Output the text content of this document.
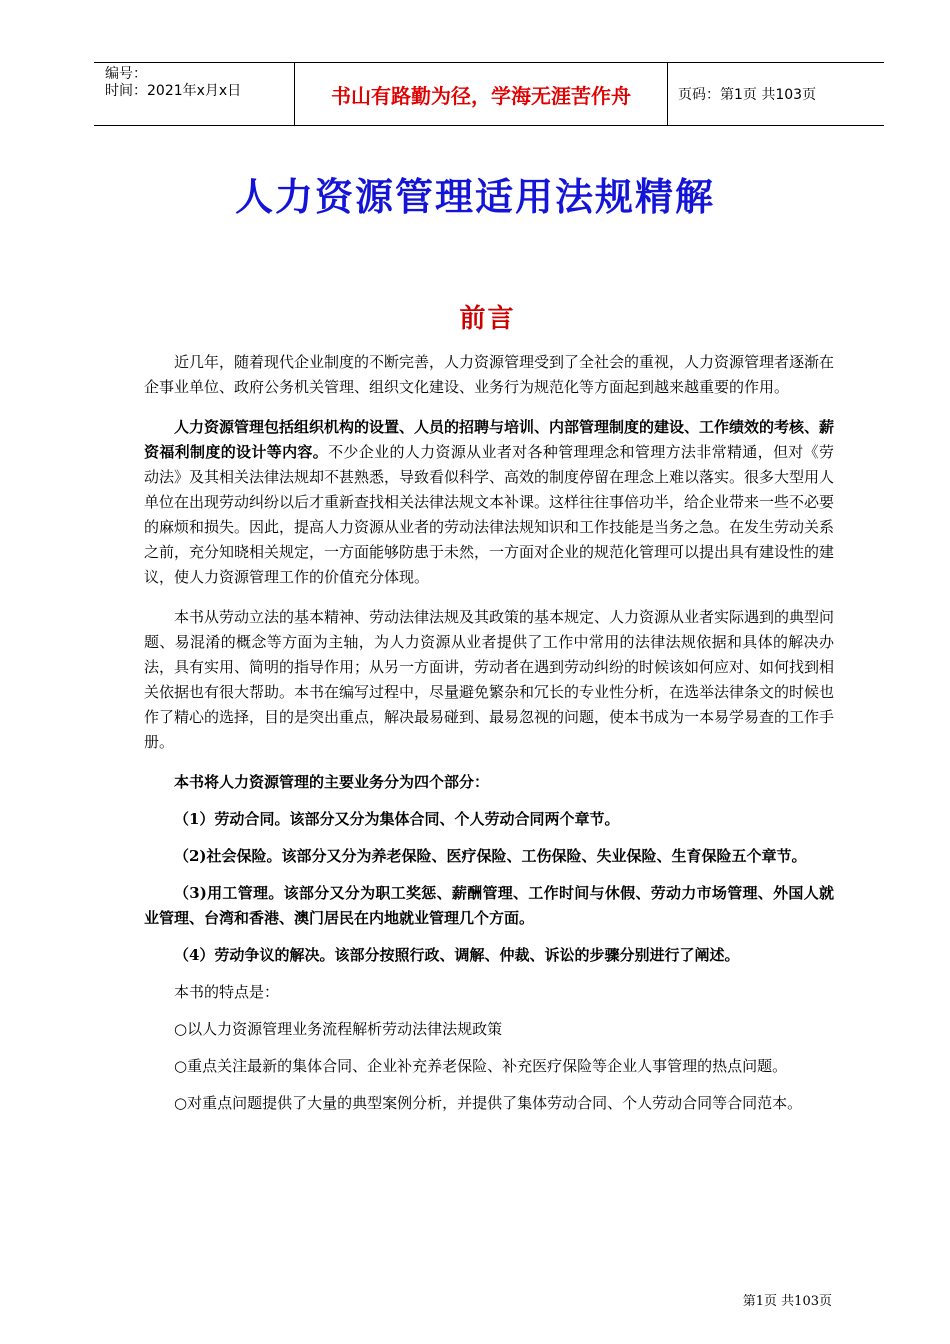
编号：
时间：2021年x月x日	书山有路勤为径，学海无涯苦作舟	页码：第1页 共103页
人力资源管理适用法规精解
前言

近几年，随着现代企业制度的不断完善，人力资源管理受到了全社会的重视，人力资源管理者逐渐在企事业单位、政府公务机关管理、组织文化建设、业务行为规范化等方面起到越来越重要的作用。

人力资源管理包括组织机构的设置、人员的招聘与培训、内部管理制度的建设、工作绩效的考核、薪资福利制度的设计等内容。不少企业的人力资源从业者对各种管理理念和管理方法非常精通，但对《劳动法》及其相关法律法规却不甚熟悉，导致看似科学、高效的制度停留在理念上难以落实。很多大型用人单位在出现劳动纠纷以后才重新查找相关法律法规文本补课。这样往往事倍功半，给企业带来一些不必要的麻烦和损失。因此，提高人力资源从业者的劳动法律法规知识和工作技能是当务之急。在发生劳动关系之前，充分知晓相关规定，一方面能够防患于未然，一方面对企业的规范化管理可以提出具有建设性的建议，使人力资源管理工作的价值充分体现。

本书从劳动立法的基本精神、劳动法律法规及其政策的基本规定、人力资源从业者实际遇到的典型问题、易混淆的概念等方面为主轴，为人力资源从业者提供了工作中常用的法律法规依据和具体的解决办法，具有实用、简明的指导作用；从另一方面讲，劳动者在遇到劳动纠纷的时候该如何应对、如何找到相关依据也有很大帮助。本书在编写过程中，尽量避免繁杂和冗长的专业性分析，在选举法律条文的时候也作了精心的选择，目的是突出重点，解决最易碰到、最易忽视的问题，使本书成为一本易学易查的工作手册。

本书将人力资源管理的主要业务分为四个部分：

（1）劳动合同。该部分又分为集体合同、个人劳动合同两个章节。

（2)社会保险。该部分又分为养老保险、医疗保险、工伤保险、失业保险、生育保险五个章节。

（3)用工管理。该部分又分为职工奖惩、薪酬管理、工作时间与休假、劳动力市场管理、外国人就业管理、台湾和香港、澳门居民在内地就业管理几个方面。

（4）劳动争议的解决。该部分按照行政、调解、仲裁、诉讼的步骤分别进行了阐述。

本书的特点是：

○以人力资源管理业务流程解析劳动法律法规政策

○重点关注最新的集体合同、企业补充养老保险、补充医疗保险等企业人事管理的热点问题。

○对重点问题提供了大量的典型案例分析，并提供了集体劳动合同、个人劳动合同等合同范本。

第1页 共103页
